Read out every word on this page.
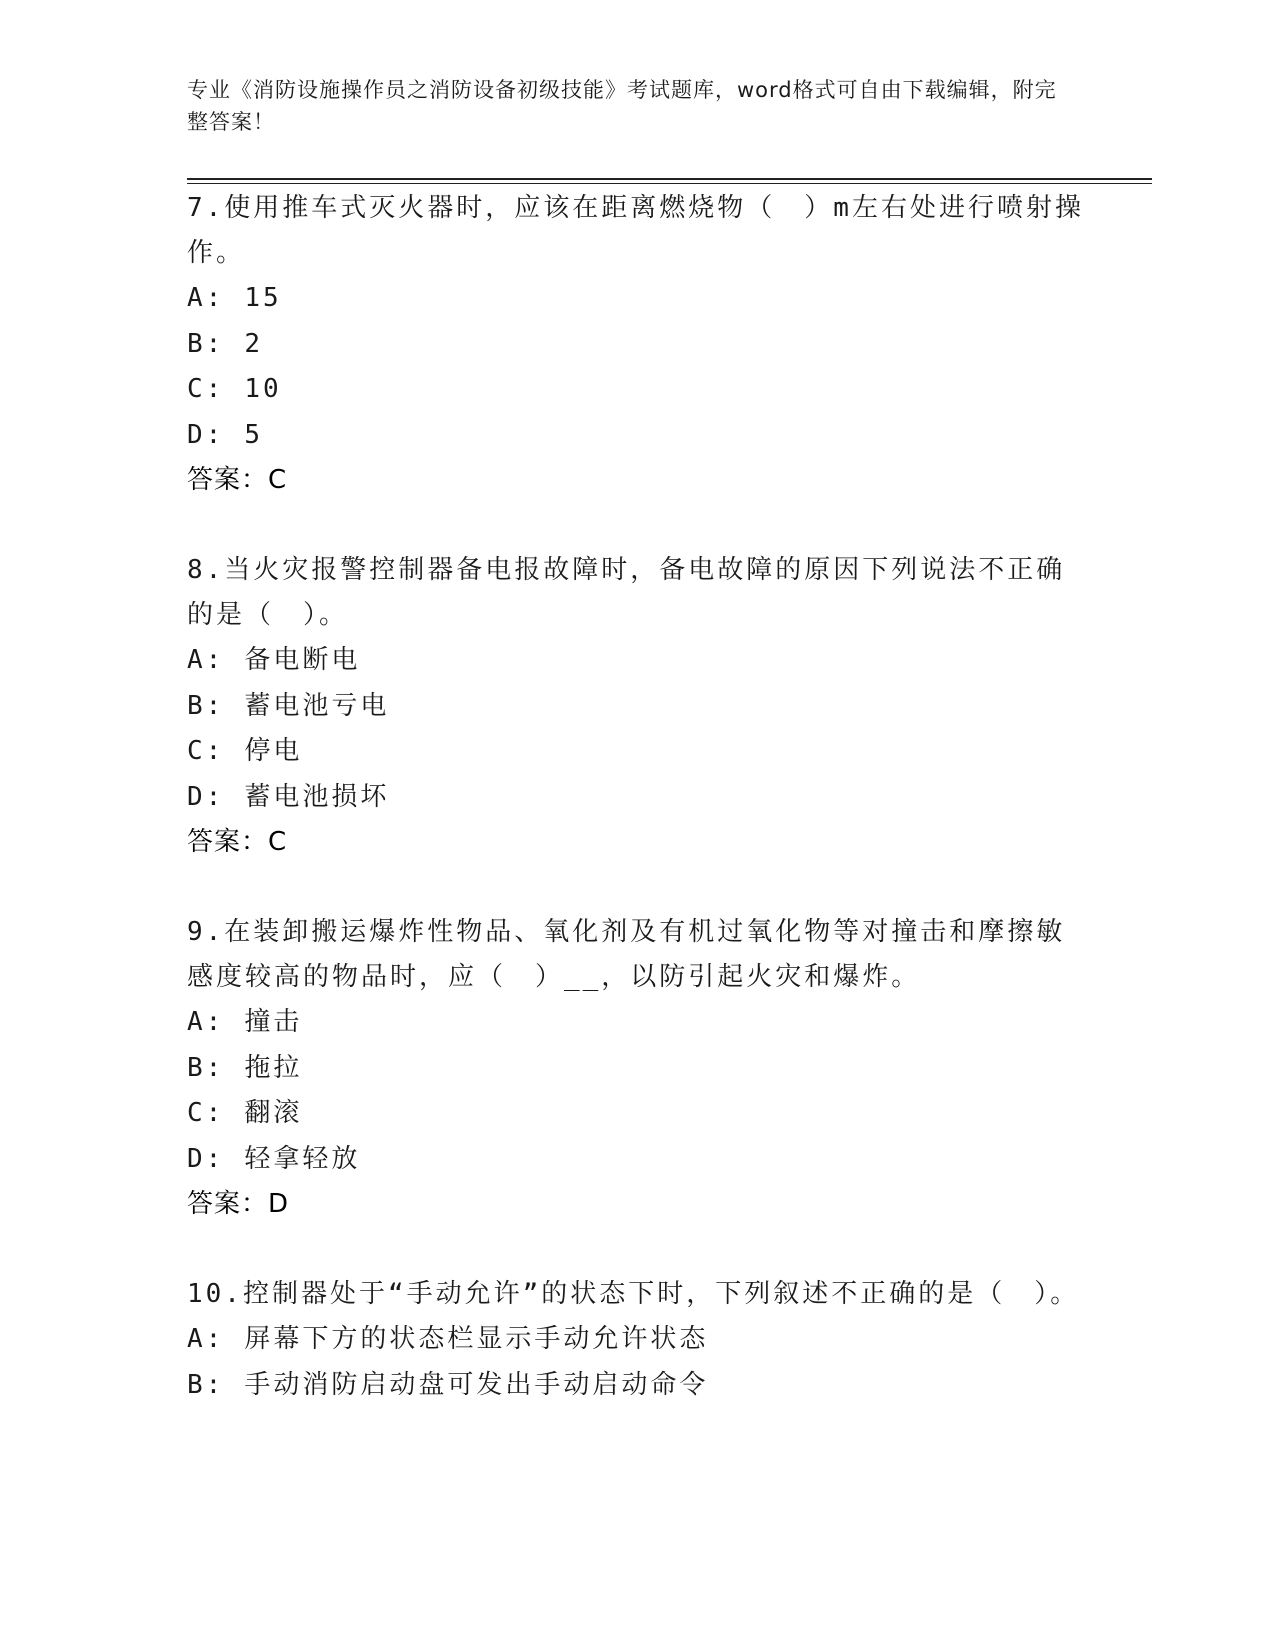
专业《消防设施操作员之消防设备初级技能》考试题库，word格式可自由下载编辑，附完整答案！
7.使用推车式灭火器时，应该在距离燃烧物（　）m左右处进行喷射操作。
A: 15
B: 2
C: 10
D: 5
答案：C
8.当火灾报警控制器备电报故障时，备电故障的原因下列说法不正确的是（　）。
A: 备电断电
B: 蓄电池亏电
C: 停电
D: 蓄电池损坏
答案：C
9.在装卸搬运爆炸性物品、氧化剂及有机过氧化物等对撞击和摩擦敏感度较高的物品时，应（　）__，以防引起火灾和爆炸。
A: 撞击
B: 拖拉
C: 翻滚
D: 轻拿轻放
答案：D
10.控制器处于“手动允许”的状态下时，下列叙述不正确的是（　）。
A: 屏幕下方的状态栏显示手动允许状态
B: 手动消防启动盘可发出手动启动命令
